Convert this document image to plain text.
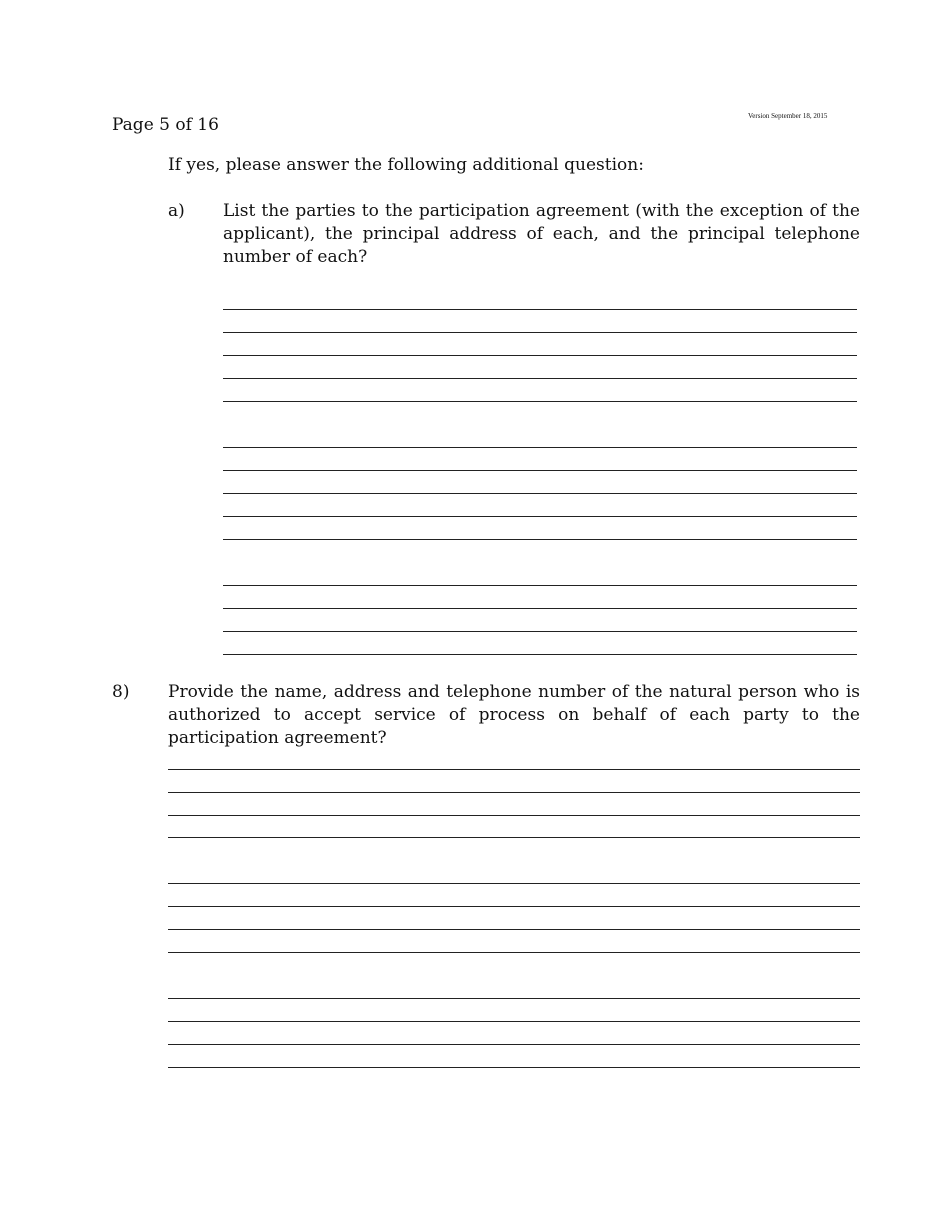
Page 5 of 16	Version September 18, 2015
If yes, please answer the following additional question:
a) List the parties to the participation agreement (with the exception of the applicant), the principal address of each, and the principal telephone number of each?
8) Provide the name, address and telephone number of the natural person who is authorized to accept service of process on behalf of each party to the participation agreement?
